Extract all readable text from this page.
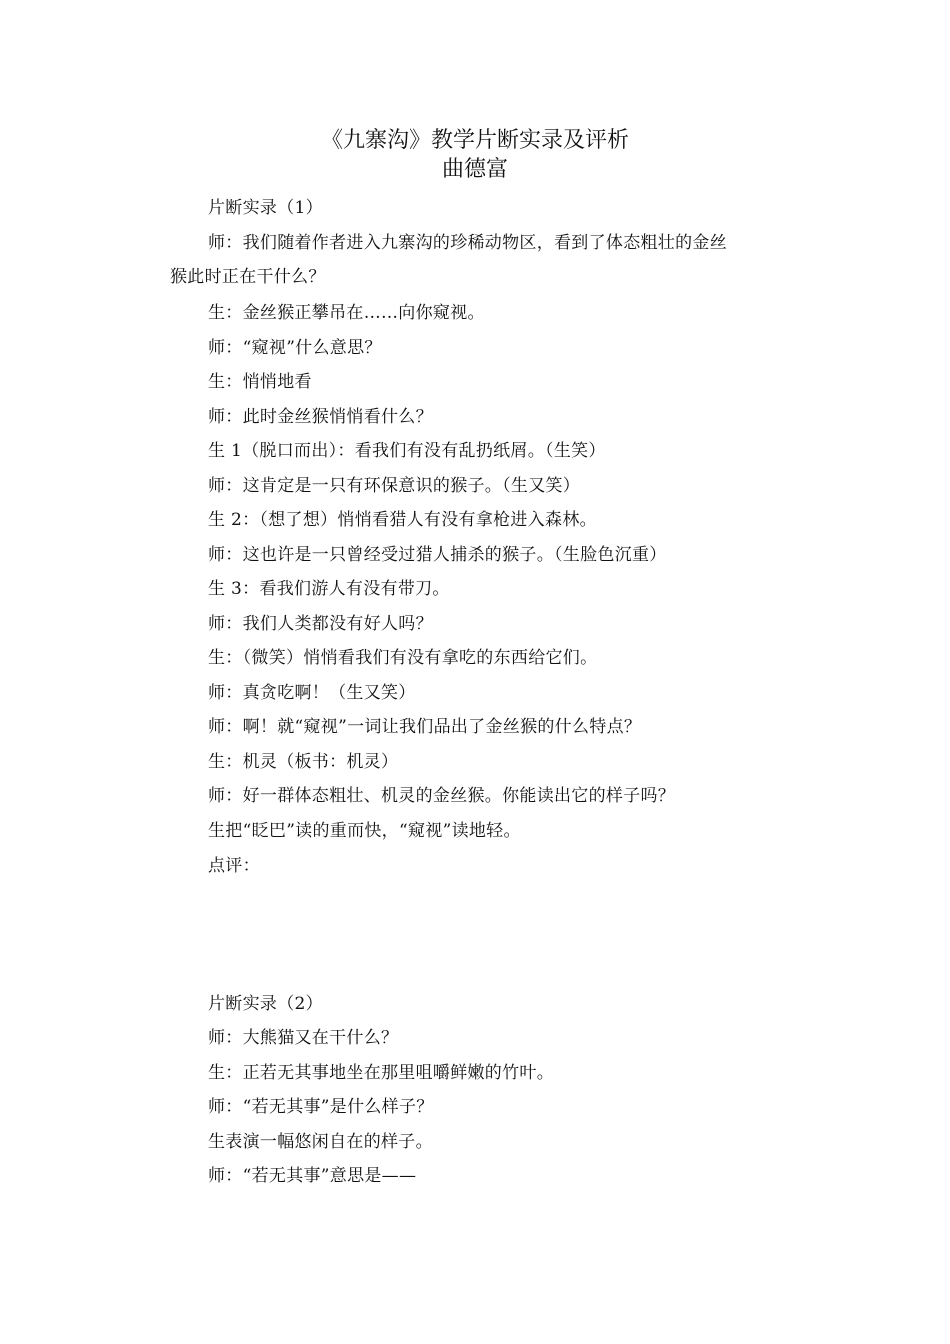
《九寨沟》教学片断实录及评析
曲德富
片断实录（1）
师：我们随着作者进入九寨沟的珍稀动物区，看到了体态粗壮的金丝
猴此时正在干什么？
生：金丝猴正攀吊在……向你窥视。
师：“窥视”什么意思？
生：悄悄地看
师：此时金丝猴悄悄看什么？
生 1（脱口而出）：看我们有没有乱扔纸屑。（生笑）
师：这肯定是一只有环保意识的猴子。（生又笑）
生 2：（想了想）悄悄看猎人有没有拿枪进入森林。
师：这也许是一只曾经受过猎人捕杀的猴子。（生脸色沉重）
生 3：看我们游人有没有带刀。
师：我们人类都没有好人吗？
生：（微笑）悄悄看我们有没有拿吃的东西给它们。
师：真贪吃啊！（生又笑）
师：啊！就“窥视”一词让我们品出了金丝猴的什么特点？
生：机灵（板书：机灵）
师：好一群体态粗壮、机灵的金丝猴。你能读出它的样子吗？
生把“眨巴”读的重而快，“窥视”读地轻。
点评：
片断实录（2）
师：大熊猫又在干什么？
生：正若无其事地坐在那里咀嚼鲜嫩的竹叶。
师：“若无其事”是什么样子？
生表演一幅悠闲自在的样子。
师：“若无其事”意思是——
